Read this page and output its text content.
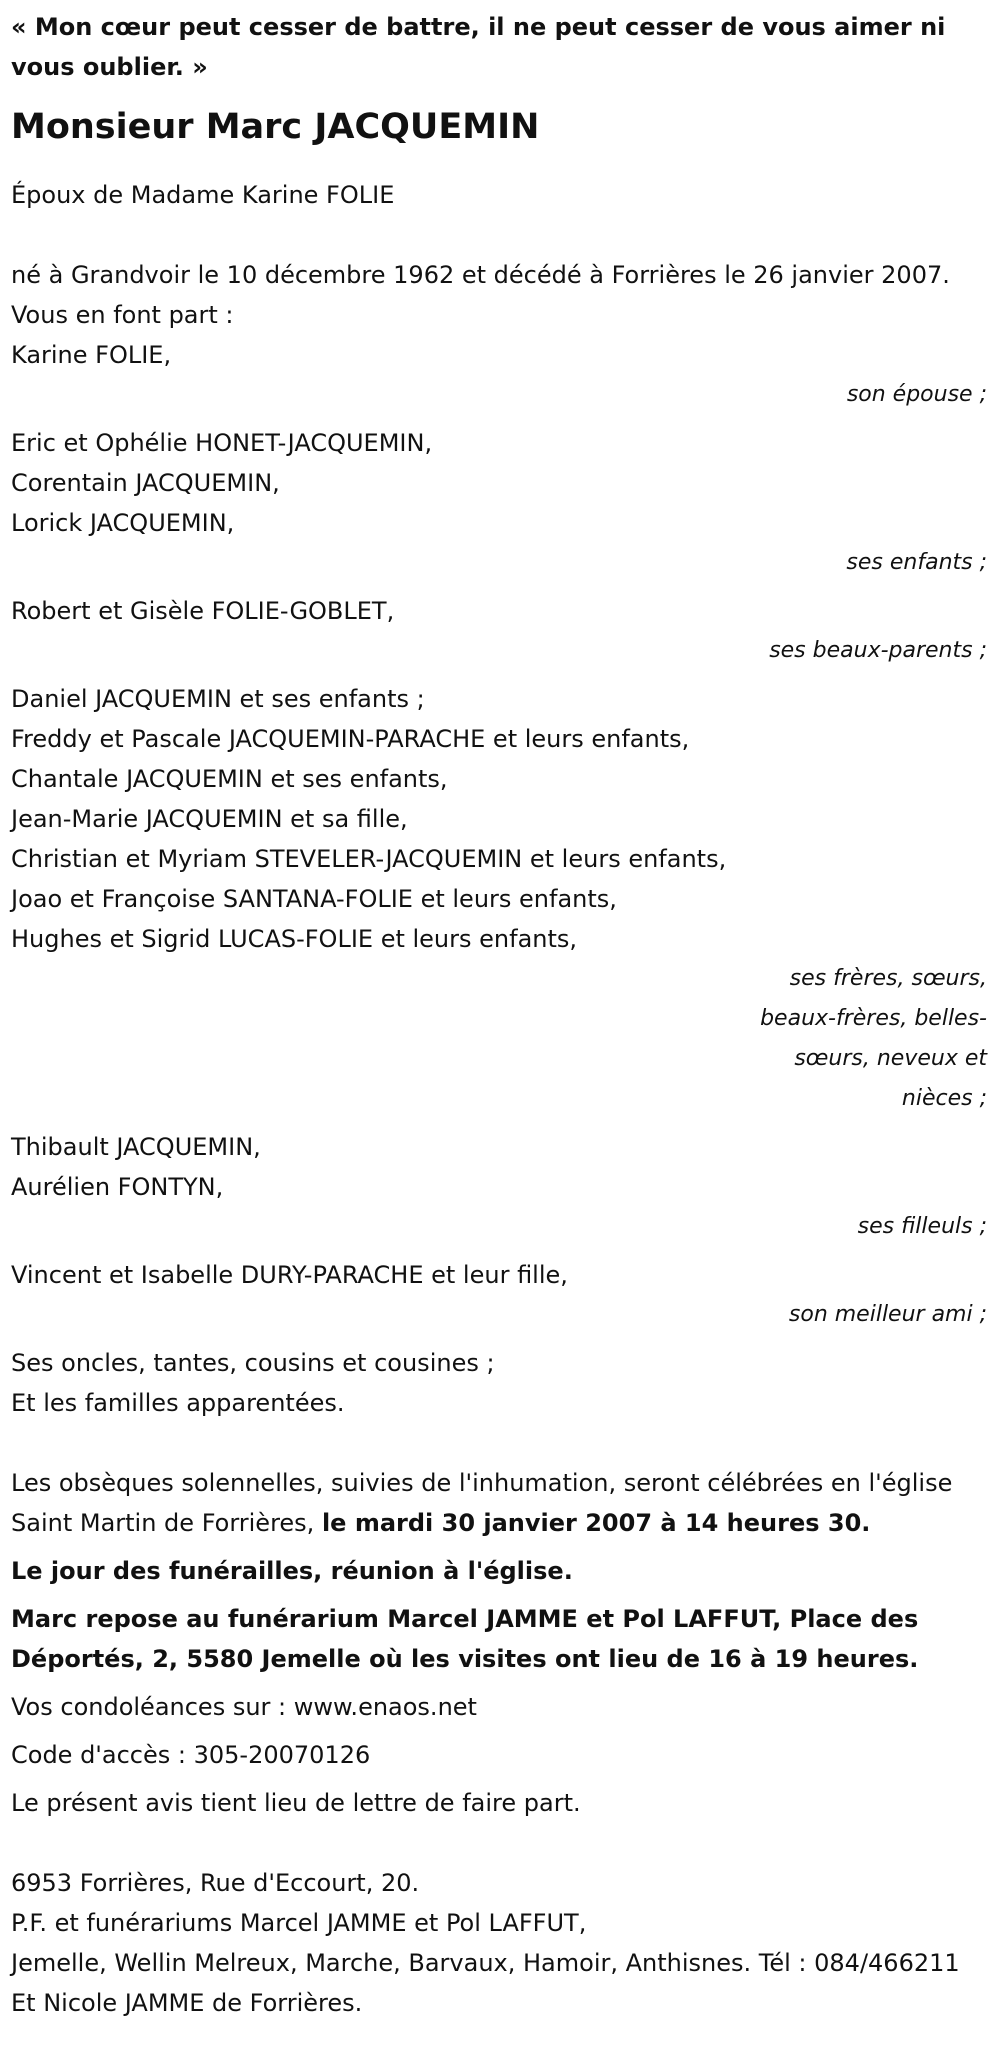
« Mon cœur peut cesser de battre, il ne peut cesser de vous aimer ni vous oublier. »

Monsieur Marc JACQUEMIN

Époux de Madame Karine FOLIE

né à Grandvoir le 10 décembre 1962 et décédé à Forrières le 26 janvier 2007.

Vous en font part :

Karine FOLIE,

son épouse ;

Eric et Ophélie HONET-JACQUEMIN,

Corentain JACQUEMIN,

Lorick JACQUEMIN,

ses enfants ;

Robert et Gisèle FOLIE-GOBLET,

ses beaux-parents ;

Daniel JACQUEMIN et ses enfants ;

Freddy et Pascale JACQUEMIN-PARACHE et leurs enfants,

Chantale JACQUEMIN et ses enfants,

Jean-Marie JACQUEMIN et sa fille,

Christian et Myriam STEVELER-JACQUEMIN et leurs enfants,

Joao et Françoise SANTANA-FOLIE et leurs enfants,

Hughes et Sigrid LUCAS-FOLIE et leurs enfants,

ses frères, sœurs, beaux-frères, belles-sœurs, neveux et nièces ;

Thibault JACQUEMIN,

Aurélien FONTYN,

ses filleuls ;

Vincent et Isabelle DURY-PARACHE et leur fille,

son meilleur ami ;

Ses oncles, tantes, cousins et cousines ;

Et les familles apparentées.

Les obsèques solennelles, suivies de l'inhumation, seront célébrées en l'église Saint Martin de Forrières, le mardi 30 janvier 2007 à 14 heures 30.

Le jour des funérailles, réunion à l'église.

Marc repose au funérarium Marcel JAMME et Pol LAFFUT, Place des Déportés, 2, 5580 Jemelle où les visites ont lieu de 16 à 19 heures.

Vos condoléances sur : www.enaos.net

Code d'accès : 305-20070126

Le présent avis tient lieu de lettre de faire part.

6953 Forrières, Rue d'Eccourt, 20.

P.F. et funérariums Marcel JAMME et Pol LAFFUT,

Jemelle, Wellin Melreux, Marche, Barvaux, Hamoir, Anthisnes. Tél : 084/466211

Et Nicole JAMME de Forrières.
